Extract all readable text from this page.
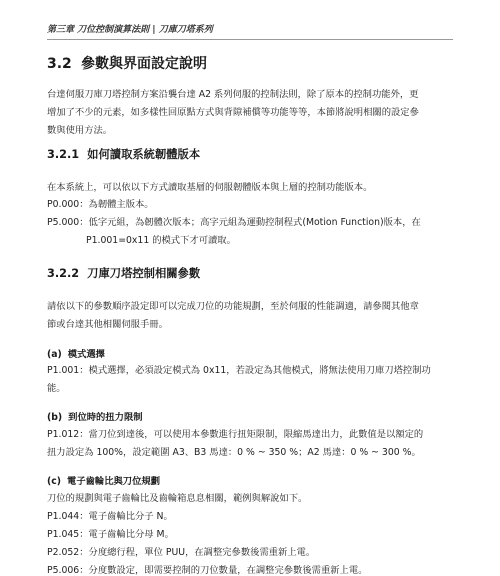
第三章 刀位控制演算法則 | 刀庫刀塔系列
3.2 參數與界面設定說明
台達伺服刀庫刀塔控制方案沿襲台達 A2 系列伺服的控制法則，除了原本的控制功能外，更
增加了不少的元素，如多樣性回原點方式與背隙補償等功能等等，本節將說明相關的設定參
數與使用方法。
3.2.1 如何讀取系統韌體版本
在本系統上，可以依以下方式讀取基層的伺服韌體版本與上層的控制功能版本。
P0.000：為韌體主版本。
P5.000：低字元組，為韌體次版本；高字元組為運動控制程式(Motion Function)版本，在
P1.001=0x11 的模式下才可讀取。
3.2.2 刀庫刀塔控制相關參數
請依以下的參數順序設定即可以完成刀位的功能規劃，至於伺服的性能調適，請參閱其他章
節或台達其他相關伺服手冊。
(a) 模式選擇
P1.001：模式選擇，必須設定模式為 0x11，若設定為其他模式，將無法使用刀庫刀塔控制功
能。
(b) 到位時的扭力限制
P1.012：當刀位到達後，可以使用本參數進行扭矩限制，限縮馬達出力，此數值是以額定的
扭力設定為 100%，設定範圍 A3、B3 馬達：0 % ~ 350 %；A2 馬達：0 % ~ 300 %。
(c) 電子齒輪比與刀位規劃
刀位的規劃與電子齒輪比及齒輪箱息息相關，範例與解說如下。
P1.044：電子齒輪比分子 N。
P1.045：電子齒輪比分母 M。
P2.052：分度總行程，單位 PUU，在調整完參數後需重新上電。
P5.006：分度數設定，即需要控制的刀位數量，在調整完參數後需重新上電。
